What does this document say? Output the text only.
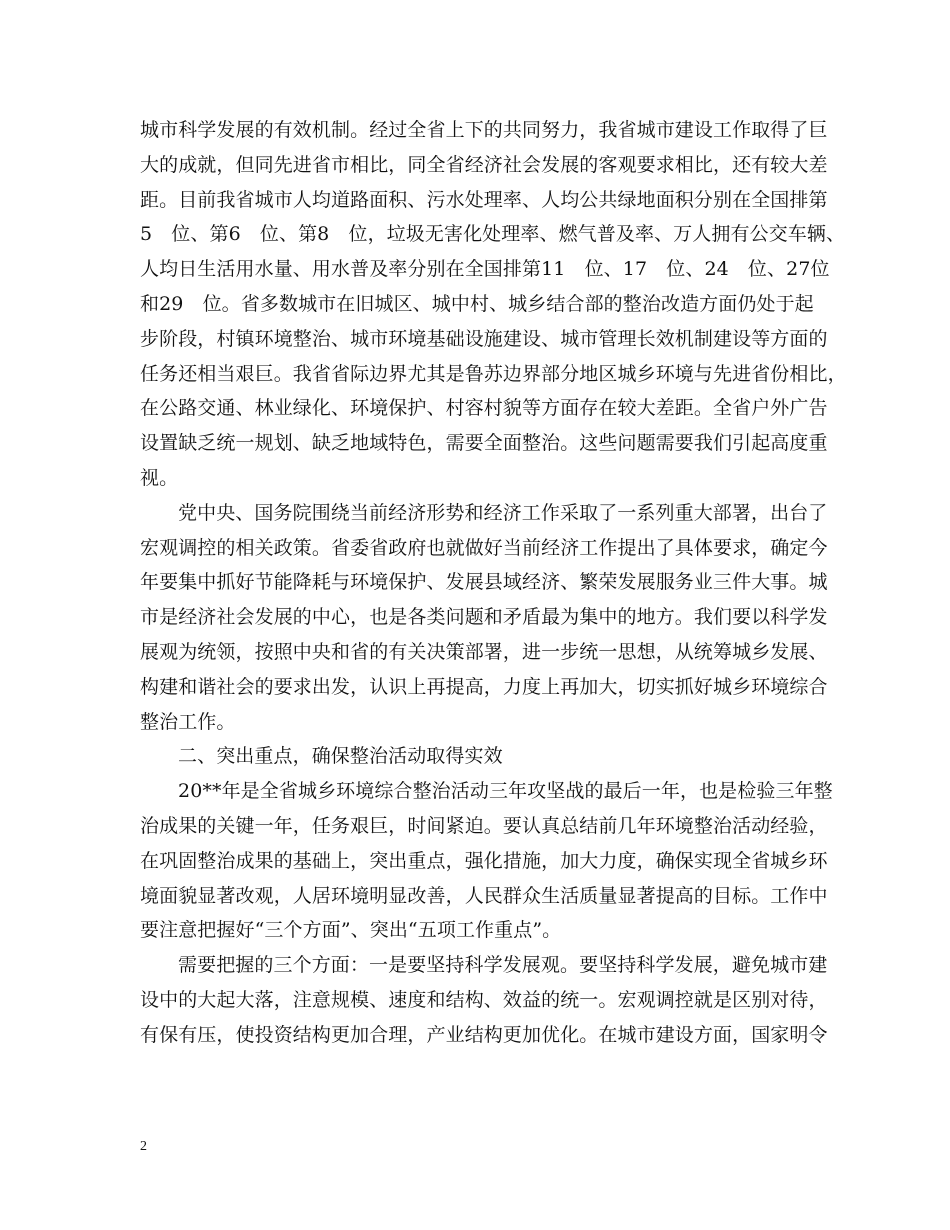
城市科学发展的有效机制。经过全省上下的共同努力，我省城市建设工作取得了巨
大的成就，但同先进省市相比，同全省经济社会发展的客观要求相比，还有较大差
距。目前我省城市人均道路面积、污水处理率、人均公共绿地面积分别在全国排第
5　位、第6　位、第8　位，垃圾无害化处理率、燃气普及率、万人拥有公交车辆、
人均日生活用水量、用水普及率分别在全国排第11　位、17　位、24　位、27位
和29　位。省多数城市在旧城区、城中村、城乡结合部的整治改造方面仍处于起
步阶段，村镇环境整治、城市环境基础设施建设、城市管理长效机制建设等方面的
任务还相当艰巨。我省省际边界尤其是鲁苏边界部分地区城乡环境与先进省份相比，
在公路交通、林业绿化、环境保护、村容村貌等方面存在较大差距。全省户外广告
设置缺乏统一规划、缺乏地域特色，需要全面整治。这些问题需要我们引起高度重
视。
党中央、国务院围绕当前经济形势和经济工作采取了一系列重大部署，出台了
宏观调控的相关政策。省委省政府也就做好当前经济工作提出了具体要求，确定今
年要集中抓好节能降耗与环境保护、发展县域经济、繁荣发展服务业三件大事。城
市是经济社会发展的中心，也是各类问题和矛盾最为集中的地方。我们要以科学发
展观为统领，按照中央和省的有关决策部署，进一步统一思想，从统筹城乡发展、
构建和谐社会的要求出发，认识上再提高，力度上再加大，切实抓好城乡环境综合
整治工作。
二、突出重点，确保整治活动取得实效
20**年是全省城乡环境综合整治活动三年攻坚战的最后一年，也是检验三年整
治成果的关键一年，任务艰巨，时间紧迫。要认真总结前几年环境整治活动经验，
在巩固整治成果的基础上，突出重点，强化措施，加大力度，确保实现全省城乡环
境面貌显著改观，人居环境明显改善，人民群众生活质量显著提高的目标。工作中
要注意把握好“三个方面”、突出“五项工作重点”。
需要把握的三个方面：一是要坚持科学发展观。要坚持科学发展，避免城市建
设中的大起大落，注意规模、速度和结构、效益的统一。宏观调控就是区别对待，
有保有压，使投资结构更加合理，产业结构更加优化。在城市建设方面，国家明令
2
